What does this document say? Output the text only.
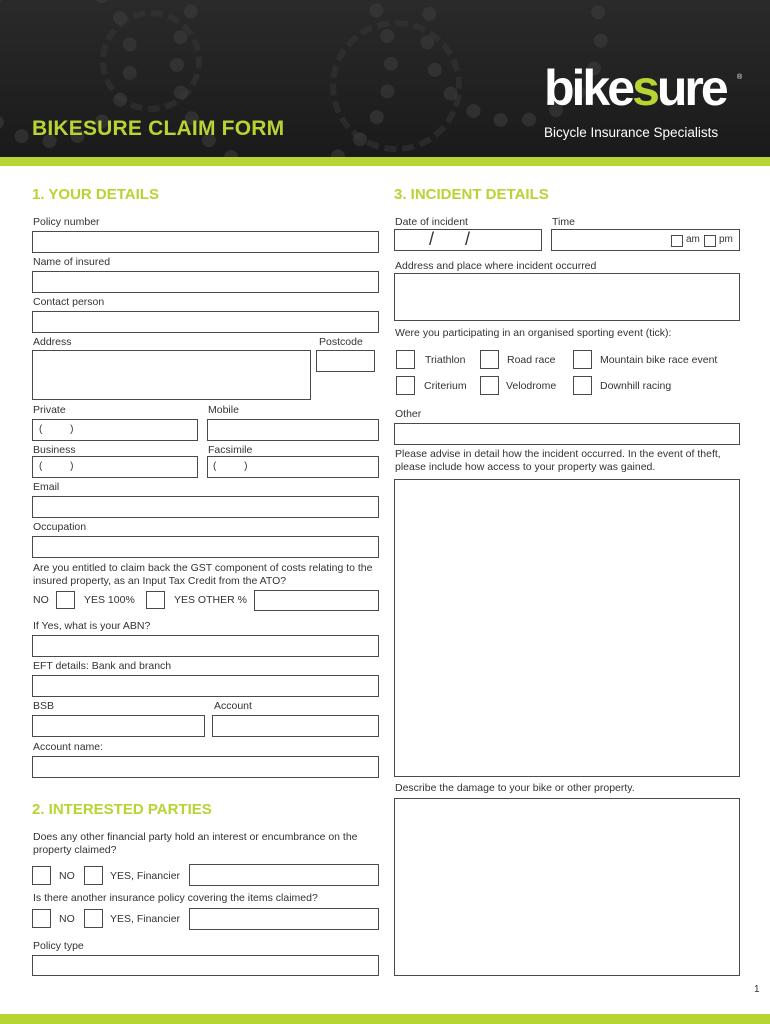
BIKESURE CLAIM FORM
bikesure ®
Bicycle Insurance Specialists
1. YOUR DETAILS
Policy number
Name of insured
Contact person
Address	Postcode
Private	Mobile
(          )
Business	Facsimile
(          )	(          )
Email
Occupation
Are you entitled to claim back the GST component of costs relating to the insured property, as an Input Tax Credit from the ATO?
NO	YES 100%	YES OTHER %
If Yes, what is your ABN?
EFT details: Bank and branch
BSB	Account
Account name:
2. INTERESTED PARTIES
Does any other financial party hold an interest or encumbrance on the property claimed?
NO	YES, Financier
Is there another insurance policy covering the items claimed?
NO	YES, Financier
Policy type
3. INCIDENT DETAILS
Date of incident	Time
/ /	am pm
Address and place where incident occurred
Were you participating in an organised sporting event (tick):
Triathlon	Road race	Mountain bike race event
Criterium	Velodrome	Downhill racing
Other
Please advise in detail how the incident occurred. In the event of theft, please include how access to your property was gained.
Describe the damage to your bike or other property.
1
